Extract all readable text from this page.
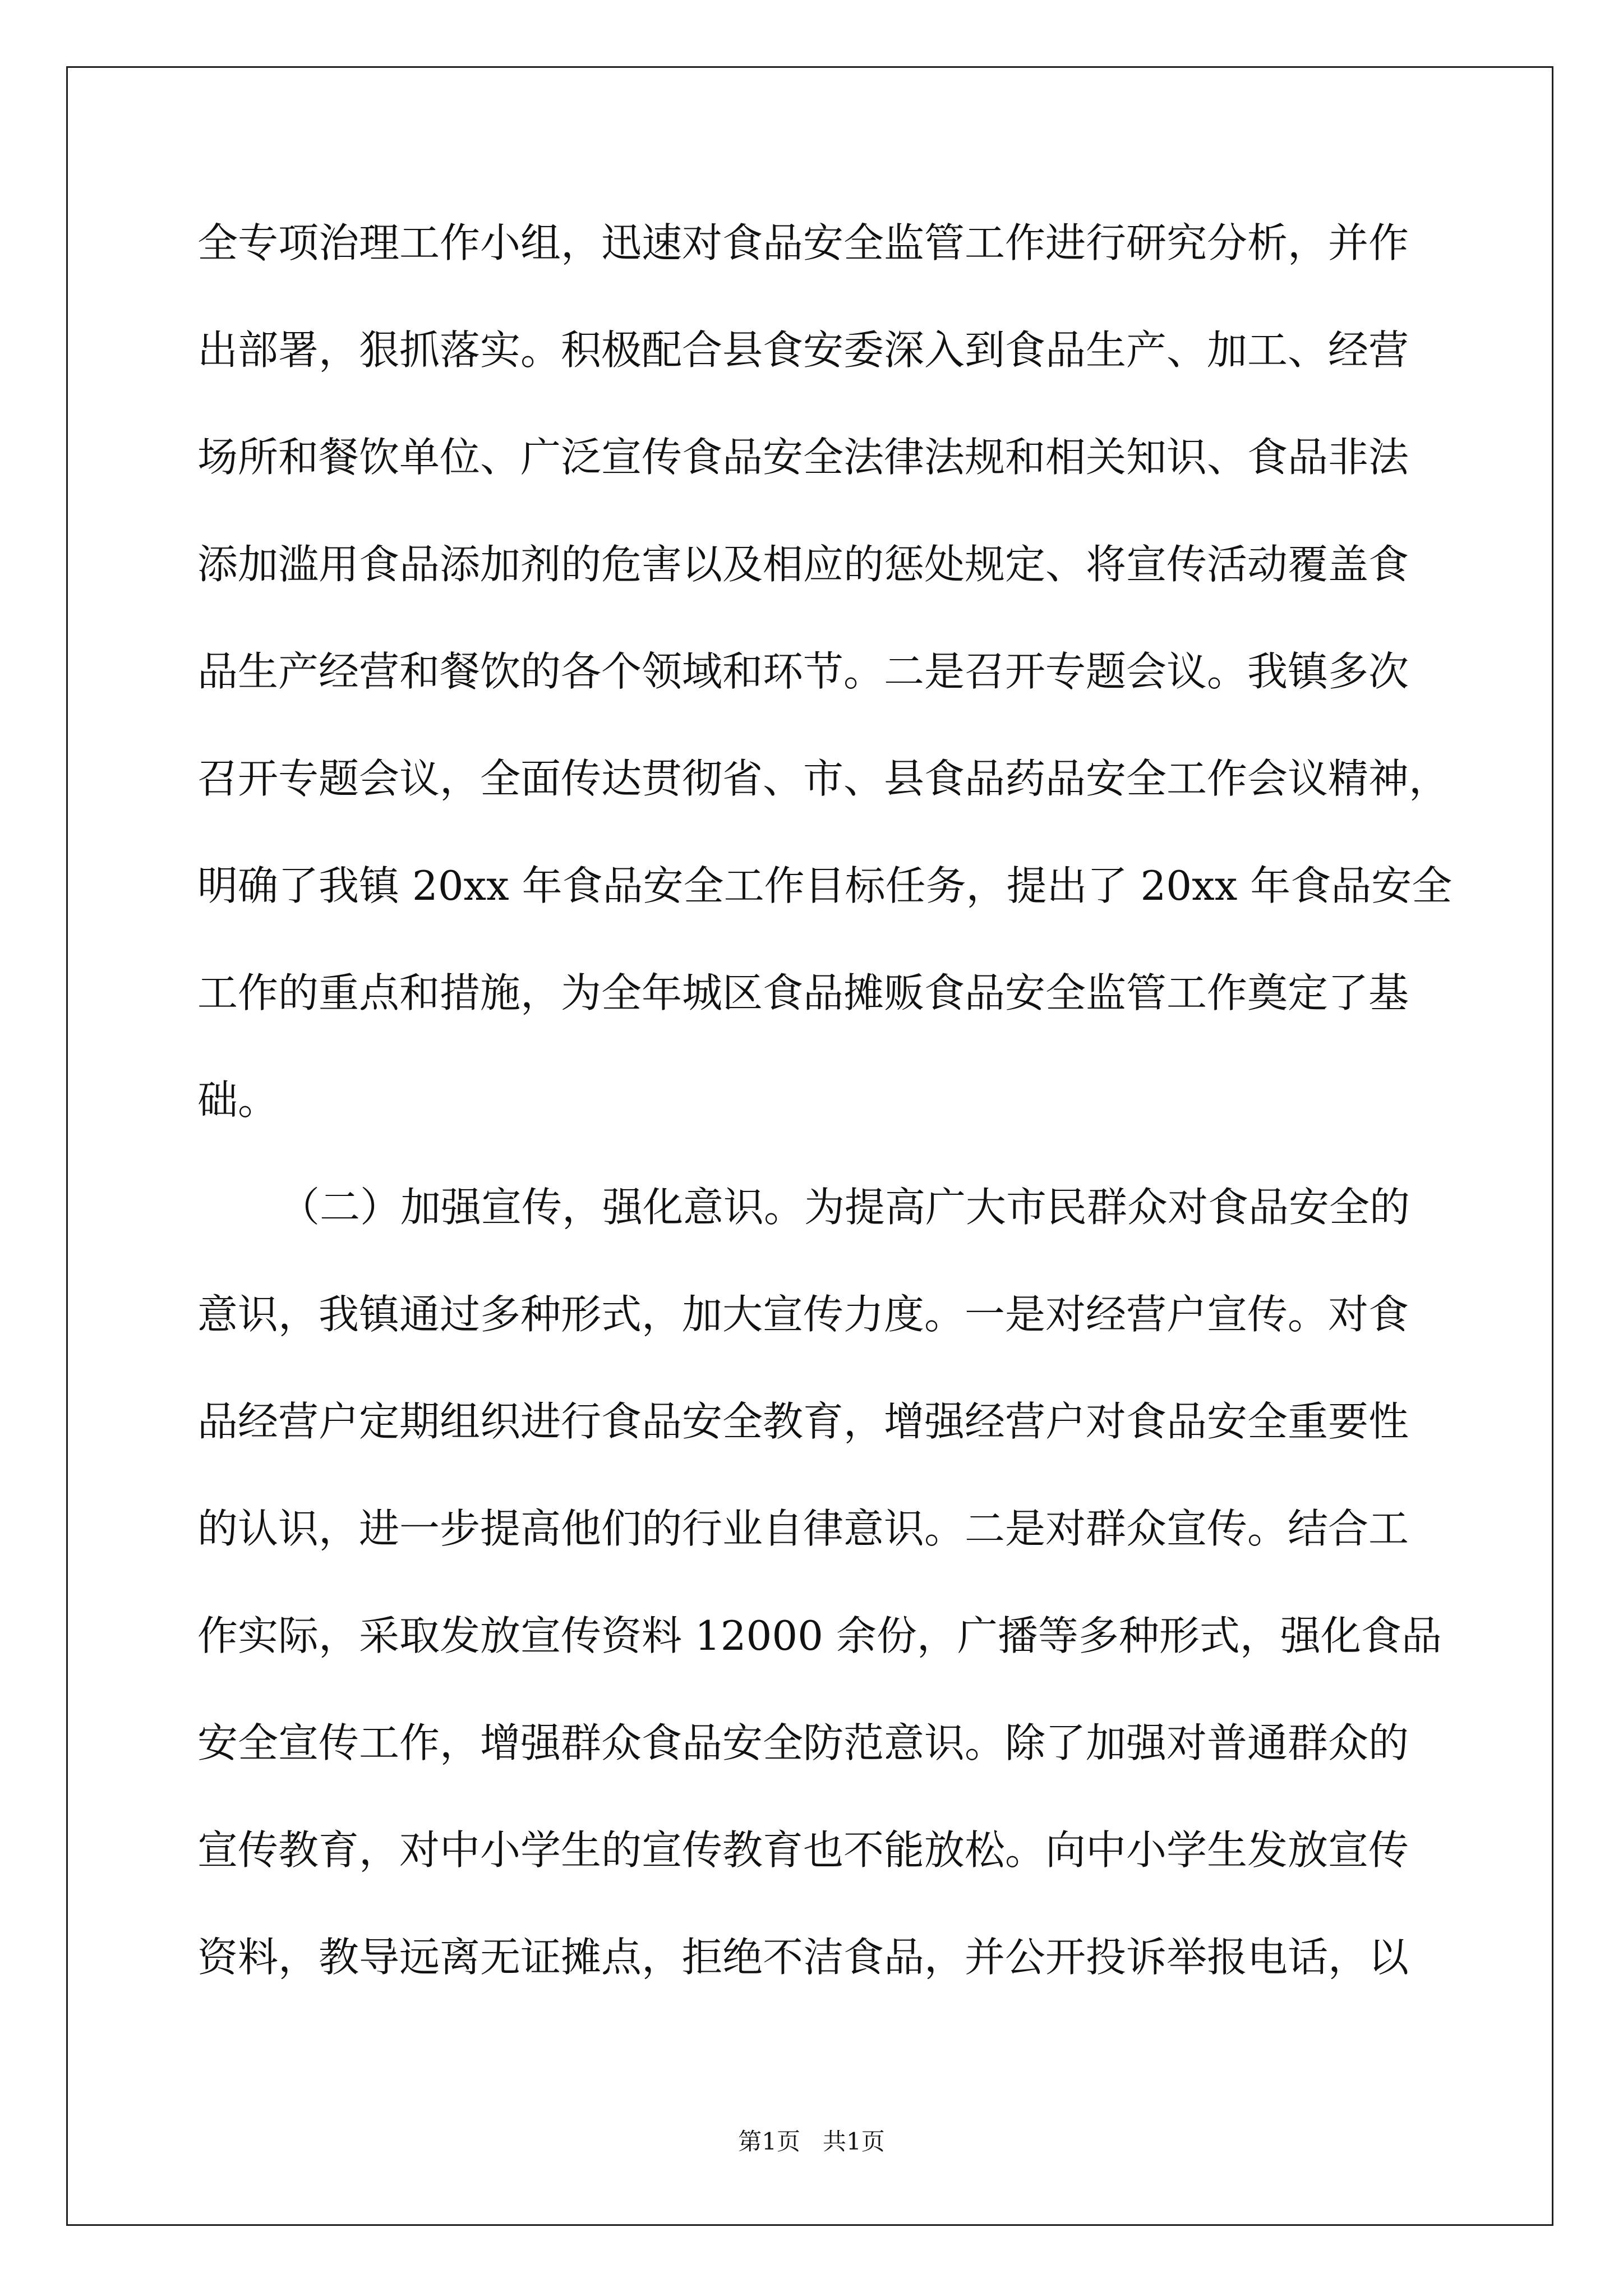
全专项治理工作小组，迅速对食品安全监管工作进行研究分析，并作
出部署，狠抓落实。积极配合县食安委深入到食品生产、加工、经营
场所和餐饮单位、广泛宣传食品安全法律法规和相关知识、食品非法
添加滥用食品添加剂的危害以及相应的惩处规定、将宣传活动覆盖食
品生产经营和餐饮的各个领域和环节。二是召开专题会议。我镇多次
召开专题会议，全面传达贯彻省、市、县食品药品安全工作会议精神，
明确了我镇 20xx 年食品安全工作目标任务，提出了 20xx 年食品安全
工作的重点和措施，为全年城区食品摊贩食品安全监管工作奠定了基
础。
（二）加强宣传，强化意识。为提高广大市民群众对食品安全的
意识，我镇通过多种形式，加大宣传力度。一是对经营户宣传。对食
品经营户定期组织进行食品安全教育，增强经营户对食品安全重要性
的认识，进一步提高他们的行业自律意识。二是对群众宣传。结合工
作实际，采取发放宣传资料 12000 余份，广播等多种形式，强化食品
安全宣传工作，增强群众食品安全防范意识。除了加强对普通群众的
宣传教育，对中小学生的宣传教育也不能放松。向中小学生发放宣传
资料，教导远离无证摊点，拒绝不洁食品，并公开投诉举报电话，以
第1页   共1页
